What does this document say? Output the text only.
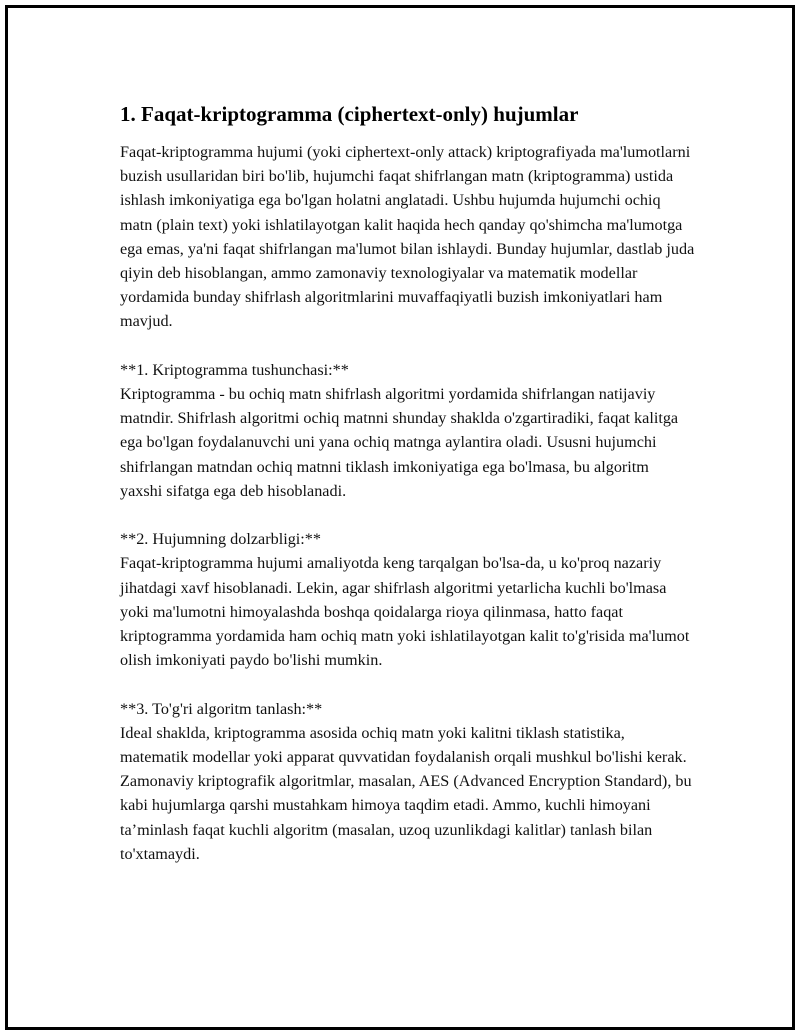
1. Faqat-kriptogramma (ciphertext-only) hujumlar

Faqat-kriptogramma hujumi (yoki ciphertext-only attack) kriptografiyada ma'lumotlarni buzish usullaridan biri bo'lib, hujumchi faqat shifrlangan matn (kriptogramma) ustida ishlash imkoniyatiga ega bo'lgan holatni anglatadi. Ushbu hujumda hujumchi ochiq matn (plain text) yoki ishlatilayotgan kalit haqida hech qanday qo'shimcha ma'lumotga ega emas, ya'ni faqat shifrlangan ma'lumot bilan ishlaydi. Bunday hujumlar, dastlab juda qiyin deb hisoblangan, ammo zamonaviy texnologiyalar va matematik modellar yordamida bunday shifrlash algoritmlarini muvaffaqiyatli buzish imkoniyatlari ham mavjud.

**1. Kriptogramma tushunchasi:**

Kriptogramma - bu ochiq matn shifrlash algoritmi yordamida shifrlangan natijaviy matndir. Shifrlash algoritmi ochiq matnni shunday shaklda o'zgartiradiki, faqat kalitga ega bo'lgan foydalanuvchi uni yana ochiq matnga aylantira oladi. Ususni hujumchi shifrlangan matndan ochiq matnni tiklash imkoniyatiga ega bo'lmasa, bu algoritm yaxshi sifatga ega deb hisoblanadi.

**2. Hujumning dolzarbligi:**

Faqat-kriptogramma hujumi amaliyotda keng tarqalgan bo'lsa-da, u ko'proq nazariy jihatdagi xavf hisoblanadi. Lekin, agar shifrlash algoritmi yetarlicha kuchli bo'lmasa yoki ma'lumotni himoyalashda boshqa qoidalarga rioya qilinmasa, hatto faqat kriptogramma yordamida ham ochiq matn yoki ishlatilayotgan kalit to'g'risida ma'lumot olish imkoniyati paydo bo'lishi mumkin.

**3. To'g'ri algoritm tanlash:**

Ideal shaklda, kriptogramma asosida ochiq matn yoki kalitni tiklash statistika, matematik modellar yoki apparat quvvatidan foydalanish orqali mushkul bo'lishi kerak. Zamonaviy kriptografik algoritmlar, masalan, AES (Advanced Encryption Standard), bu kabi hujumlarga qarshi mustahkam himoya taqdim etadi. Ammo, kuchli himoyani ta’minlash faqat kuchli algoritm (masalan, uzoq uzunlikdagi kalitlar) tanlash bilan to'xtamaydi.
